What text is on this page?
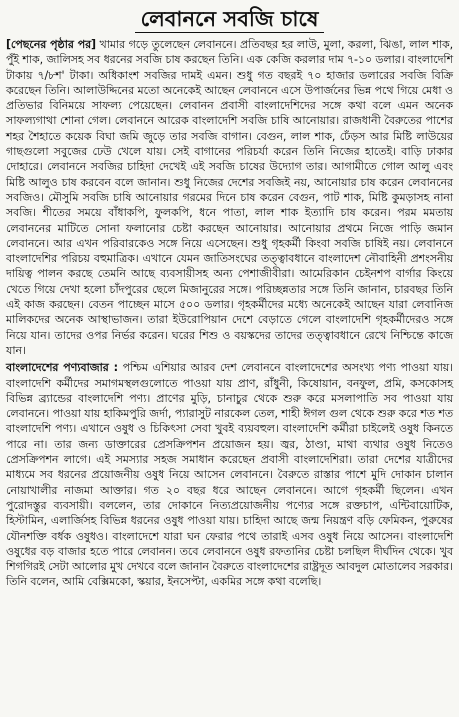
লেবাননে সবজি চাষে

[পেছনের পৃষ্ঠার পর] খামার গড়ে তুলেছেন লেবাননে। প্রতিবছর হর লাউ, মুলা, করলা, ঝিঙা, লাল শাক, পুঁই শাক, জালিসহ সব ধরনের সবজি চাষ করছেন তিনি। এক কেজি করলার দাম ৭-১০ ডলার। বাংলাদেশি টাকায় ৭/৮শ' টাকা। অধিকাংশ সবজির দামই এমন। শুধু গত বছরই ৭০ হাজার ডলারের সবজি বিক্রি করেছেন তিনি। আলাউদ্দিনের মতো অনেকেই আছেন লেবাননে এসে উপার্জনের ভিন্ন পথে গিয়ে মেধা ও প্রতিভার বিনিময়ে সাফল্য পেয়েছেন। লেবানন প্রবাসী বাংলাদেশিদের সঙ্গে কথা বলে এমন অনেক সাফল্যগাথা শোনা গেল। লেবাননে আরেক বাংলাদেশি সবজি চাষি আনোয়ার। রাজধানী বৈরুতের পাশের শহর শৈহাতে কয়েক বিঘা জমি জুড়ে তার সবজি বাগান। বেগুন, লাল শাক, ঢেঁড়স আর মিষ্টি লাউয়ের গাছগুলো সবুজের ঢেউ খেলে যায়। সেই বাগানের পরিচর্যা করেন তিনি নিজের হাতেই। বাড়ি ঢাকার দোহারে। লেবাননে সবজির চাহিদা দেখেই এই সবজি চাষের উদ্যোগ তার। আগামীতে গোল আলু এবং মিষ্টি আলুও চাষ করবেন বলে জানান। শুধু নিজের দেশের সবজিই নয়, আনোয়ার চাষ করেন লেবাননের সবজিও। মৌসুমি সবজি চাষি আনোয়ার গরমের দিনে চাষ করেন বেগুন, পাট শাক, মিষ্টি কুমড়াসহ নানা সবজি। শীতের সময়ে বাঁধাকপি, ফুলকপি, ধনে পাতা, লাল শাক ইত্যাদি চাষ করেন। পরম মমতায় লেবাননের মাটিতে সোনা ফলানোর চেষ্টা করছেন আনোয়ার। আনোয়ার প্রথমে নিজে পাড়ি জমান লেবাননে। আর এখন পরিবারকেও সঙ্গে নিয়ে এসেছেন। শুধু গৃহকর্মী কিংবা সবজি চাষিই নয়। লেবাননে বাংলাদেশির পরিচয় বহুমাত্রিক। এখানে যেমন জাতিসংঘের তত্ত্বাবধানে বাংলাদেশ নৌবাহিনী প্রশংসনীয় দায়িত্ব পালন করছে তেমনি আছে ব্যবসায়ীসহ অন্য পেশাজীবীরা। আমেরিকান চেইনশপ বার্গার কিংয়ে খেতে গিয়ে দেখা হলো চাঁদপুরের ছেলে মিজানুরের সঙ্গে। পরিচ্ছন্নতার সঙ্গে তিনি জানান, চারবছর তিনি এই কাজ করছেন। বেতন পাচ্ছেন মাসে ৫০০ ডলার। গৃহকর্মীদের মধ্যে অনেকেই আছেন যারা লেবানিজ মালিকদের অনেক আস্থাভাজন। তারা ইউরোপিয়ান দেশে বেড়াতে গেলে বাংলাদেশি গৃহকর্মীদেরও সঙ্গে নিয়ে যান। তাদের ওপর নির্ভর করেন। ঘরের শিশু ও বয়স্কদের তাদের তত্ত্বাবধানে রেখে নিশ্চিন্তে কাজে যান।

বাংলাদেশের পণ্যবাজার : পশ্চিম এশিয়ার আরব দেশ লেবাননে বাংলাদেশের অসংখ্য পণ্য পাওয়া যায়। বাংলাদেশি কর্মীদের সমাগমস্থলগুলোতে পাওয়া যায় প্রাণ, রাঁধুনী, কিষোয়ান, বনফুল, প্রমি, কসকোসহ বিভিন্ন ব্র্যান্ডের বাংলাদেশি পণ্য। প্রাণের মুড়ি, চানাচুর থেকে শুরু করে মসলাপাতি সব পাওয়া যায় লেবাননে। পাওয়া যায় হাকিমপুরি জর্দা, প্যারাসুট নারকেল তেল, শাহী ঈগল গুল থেকে শুরু করে শত শত বাংলাদেশি পণ্য। এখানে ওষুধ ও চিকিৎসা সেবা খুবই ব্যয়বহুল। বাংলাদেশি কর্মীরা চাইলেই ওষুধ কিনতে পারে না। তার জন্য ডাক্তারের প্রেসক্রিপশন প্রয়োজন হয়। জ্বর, ঠাণ্ডা, মাথা ব্যথার ওষুধ নিতেও প্রেসক্রিপশন লাগে। এই সমস্যার সহজ সমাধান করেছেন প্রবাসী বাংলাদেশিরা। তারা দেশের যাত্রীদের মাধ্যমে সব ধরনের প্রয়োজনীয় ওষুধ নিয়ে আসেন লেবাননে। বৈরুতে রাস্তার পাশে মুদি দোকান চালান নোয়াখালীর নাজমা আক্তার। গত ২০ বছর ধরে আছেন লেবাননে। আগে গৃহকর্মী ছিলেন। এখন পুরোদস্তুর ব্যবসায়ী। বললেন, তার দোকানে নিত্যপ্রয়োজনীয় পণ্যের সঙ্গে রক্তচাপ, এন্টিবায়োটিক, হিস্টামিন, এলার্জিসহ বিভিন্ন ধরনের ওষুধ পাওয়া যায়। চাহিদা আছে জন্ম নিয়ন্ত্রণ বড়ি ফেমিকন, পুরুষের যৌনশক্তি বর্ধক ওষুধও। বাংলাদেশে যারা ঘন ফেরার পথে তারাই এসব ওষুধ নিয়ে আসেন। বাংলাদেশি ওষুধের বড় বাজার হতে পারে লেবানন। তবে লেবাননে ওষুধ রফতানির চেষ্টা চলছিল দীর্ঘদিন থেকে। খুব শিগগিরই সেটা আলোর মুখ দেখবে বলে জানান বৈরুতে বাংলাদেশের রাষ্ট্রদূত আবদুল মোতালেব সরকার। তিনি বলেন, আমি বেক্সিমকো, স্কয়ার, ইনসেপ্টা, একমির সঙ্গে কথা বলেছি।
